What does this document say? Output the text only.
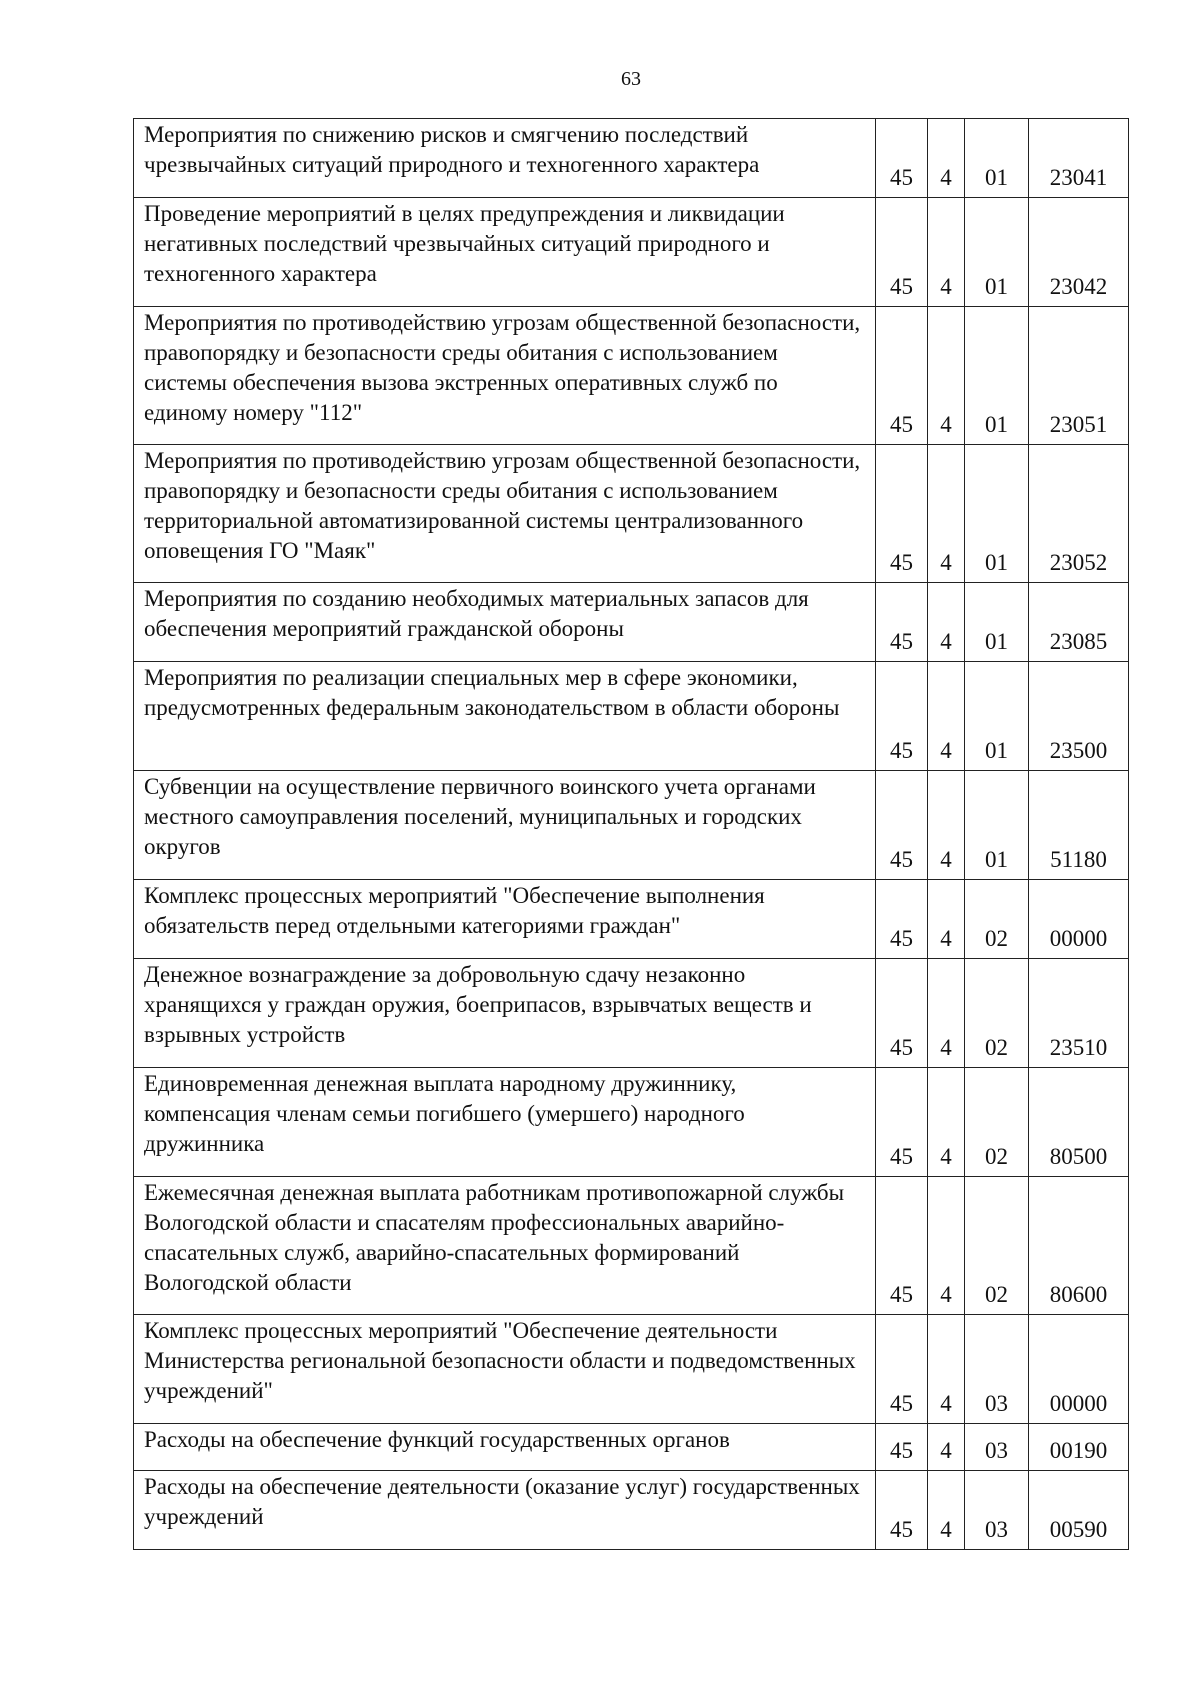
63
Мероприятия по снижению рисков и смягчению последствий чрезвычайных ситуаций природного и техногенного характера	45	4	01	23041
Проведение мероприятий в целях предупреждения и ликвидации негативных последствий чрезвычайных ситуаций природного и техногенного характера	45	4	01	23042
Мероприятия по противодействию угрозам общественной безопасности, правопорядку и безопасности среды обитания с использованием системы обеспечения вызова экстренных оперативных служб по единому номеру "112"	45	4	01	23051
Мероприятия по противодействию угрозам общественной безопасности, правопорядку и безопасности среды обитания с использованием территориальной автоматизированной системы централизованного оповещения ГО "Маяк"	45	4	01	23052
Мероприятия по созданию необходимых материальных запасов для обеспечения мероприятий гражданской обороны	45	4	01	23085
Мероприятия по реализации специальных мер в сфере экономики, предусмотренных федеральным законодательством в области обороны	45	4	01	23500
Субвенции на осуществление первичного воинского учета органами местного самоуправления поселений, муниципальных и городских округов	45	4	01	51180
Комплекс процессных мероприятий "Обеспечение выполнения обязательств перед отдельными категориями граждан"	45	4	02	00000
Денежное вознаграждение за добровольную сдачу незаконно хранящихся у граждан оружия, боеприпасов, взрывчатых веществ и взрывных устройств	45	4	02	23510
Единовременная денежная выплата народному дружиннику, компенсация членам семьи погибшего (умершего) народного дружинника	45	4	02	80500
Ежемесячная денежная выплата работникам противопожарной службы Вологодской области и спасателям профессиональных аварийно-спасательных служб, аварийно-спасательных формирований Вологодской области	45	4	02	80600
Комплекс процессных мероприятий "Обеспечение деятельности Министерства региональной безопасности области и подведомственных учреждений"	45	4	03	00000
Расходы на обеспечение функций государственных органов	45	4	03	00190
Расходы на обеспечение деятельности (оказание услуг) государственных учреждений	45	4	03	00590
